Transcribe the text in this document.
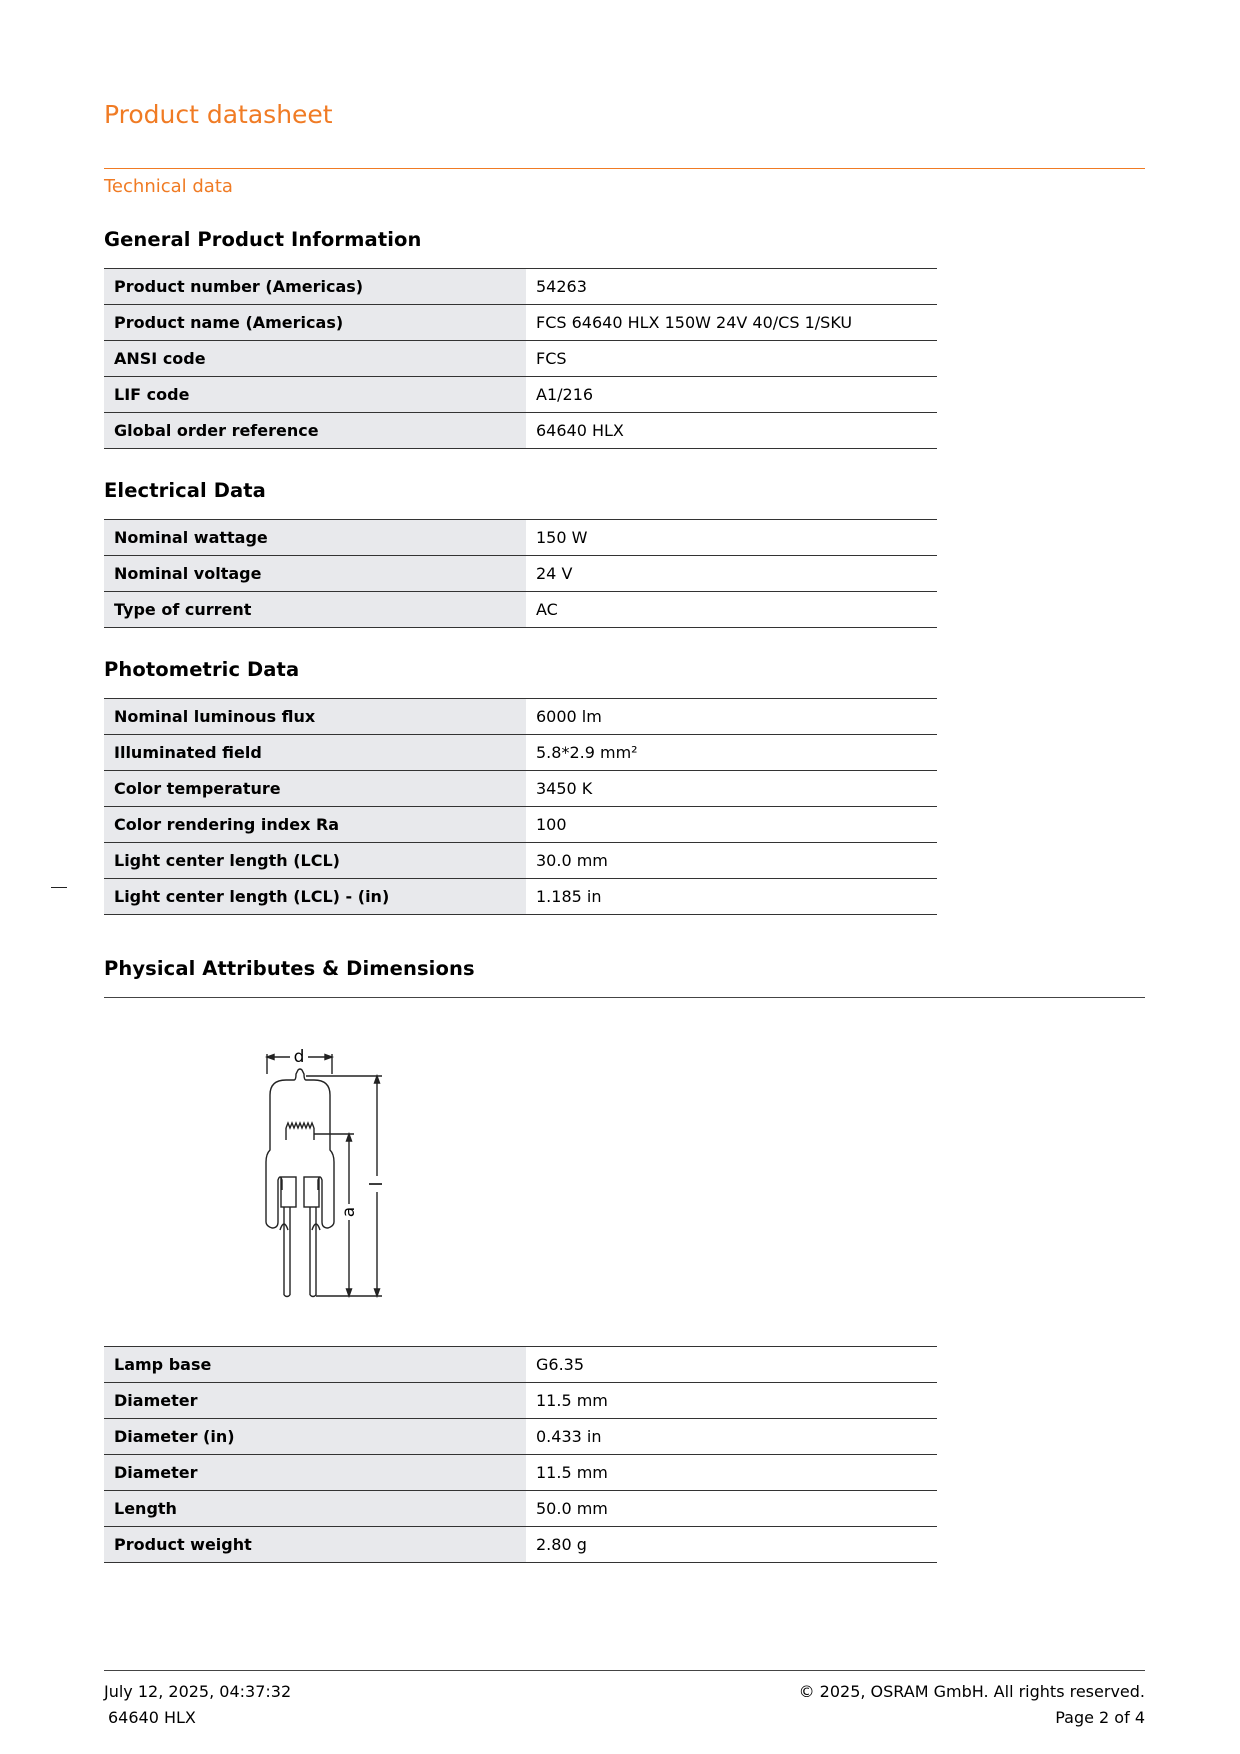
Product datasheet
Technical data
General Product Information
Product number (Americas)	54263
Product name (Americas)	FCS 64640 HLX 150W 24V 40/CS 1/SKU
ANSI code	FCS
LIF code	A1/216
Global order reference	64640 HLX
Electrical Data
Nominal wattage	150 W
Nominal voltage	24 V
Type of current	AC
Photometric Data
Nominal luminous flux	6000 lm
Illuminated field	5.8*2.9 mm²
Color temperature	3450 K
Color rendering index Ra	100
Light center length (LCL)	30.0 mm
Light center length (LCL) - (in)	1.185 in
Physical Attributes & Dimensions
d
a
l
Lamp base	G6.35
Diameter	11.5 mm
Diameter (in)	0.433 in
Diameter	11.5 mm
Length	50.0 mm
Product weight	2.80 g
July 12, 2025, 04:37:32
64640 HLX
© 2025, OSRAM GmbH. All rights reserved.
Page 2 of 4
